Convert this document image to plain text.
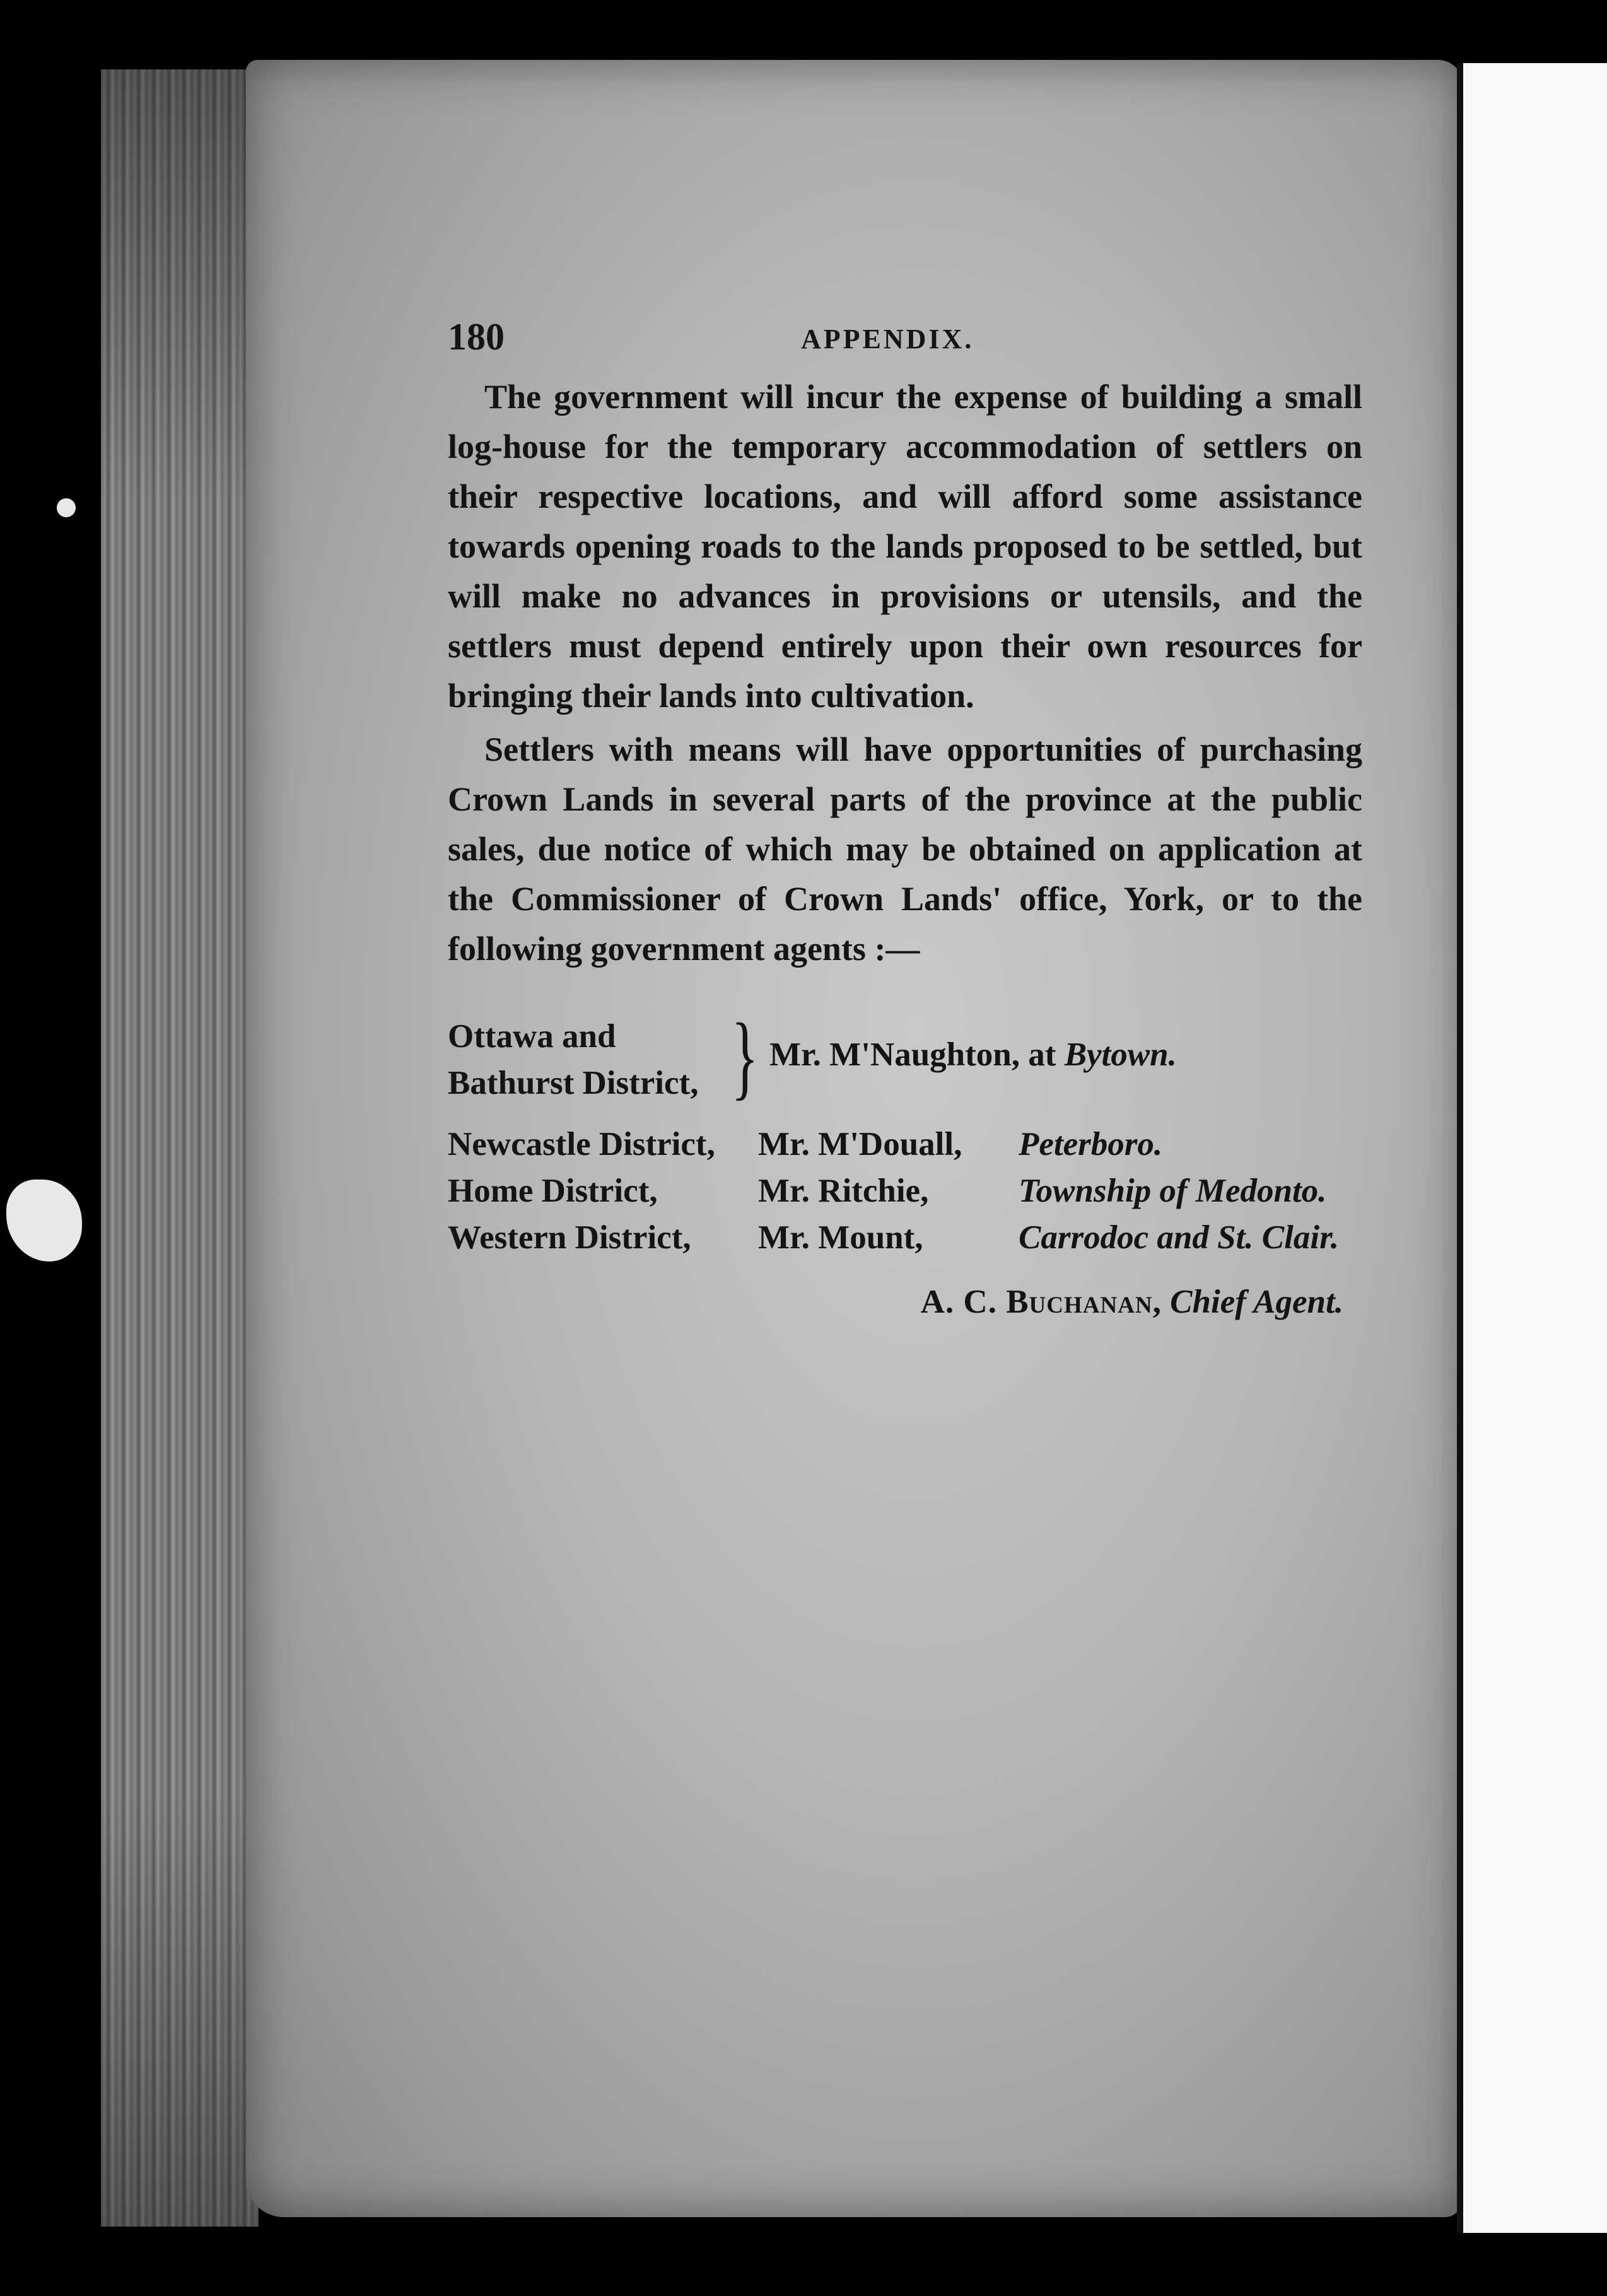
180	APPENDIX.

The government will incur the expense of building a small log-house for the temporary accommodation of settlers on their respective locations, and will afford some assistance towards opening roads to the lands proposed to be settled, but will make no advances in provisions or utensils, and the settlers must depend entirely upon their own resources for bringing their lands into cultivation.

Settlers with means will have opportunities of purchasing Crown Lands in several parts of the province at the public sales, due notice of which may be obtained on application at the Commissioner of Crown Lands' office, York, or to the following government agents :—

Ottawa and
Bathurst District, } Mr. M'Naughton, at Bytown.
Newcastle District, Mr. M'Douall, Peterboro.
Home District,	Mr. Ritchie,	Township of Medonto.
Western District, Mr. Mount,	Carrodoc and St. Clair.
A. C. Buchanan, Chief Agent.
